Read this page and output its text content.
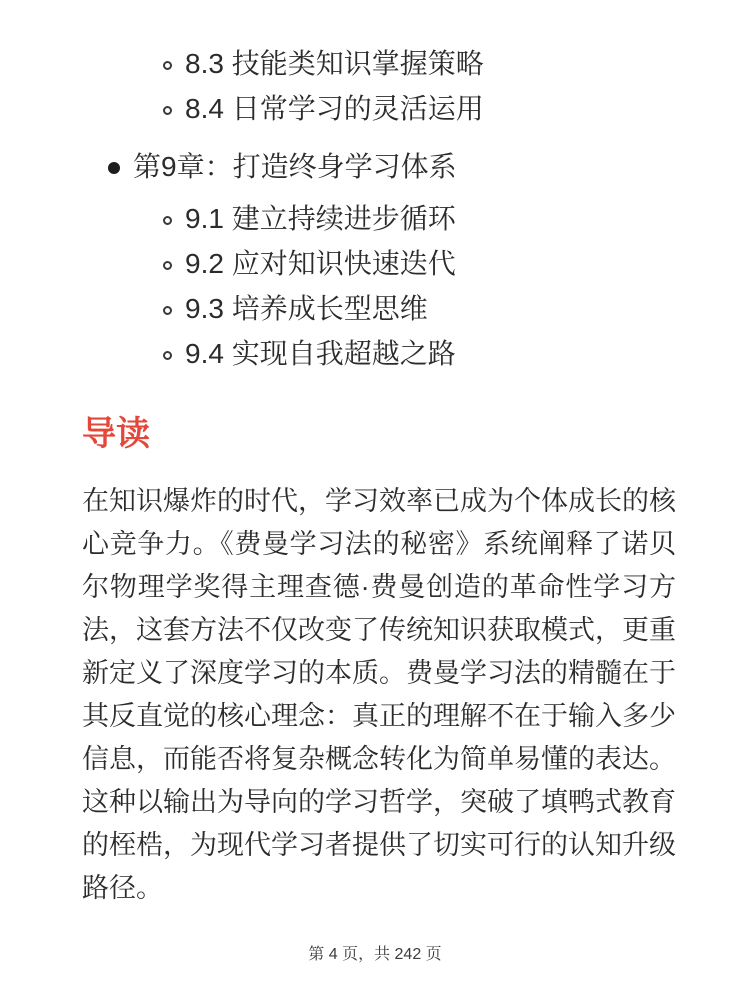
8.3 技能类知识掌握策略
8.4 日常学习的灵活运用
第9章：打造终身学习体系
9.1 建立持续进步循环
9.2 应对知识快速迭代
9.3 培养成长型思维
9.4 实现自我超越之路
导读

在知识爆炸的时代，学习效率已成为个体成长的核心竞争力。《费曼学习法的秘密》系统阐释了诺贝尔物理学奖得主理查德·费曼创造的革命性学习方法，这套方法不仅改变了传统知识获取模式，更重新定义了深度学习的本质。费曼学习法的精髓在于其反直觉的核心理念：真正的理解不在于输入多少信息，而能否将复杂概念转化为简单易懂的表达。这种以输出为导向的学习哲学，突破了填鸭式教育的桎梏，为现代学习者提供了切实可行的认知升级路径。

第 4 页，共 242 页
